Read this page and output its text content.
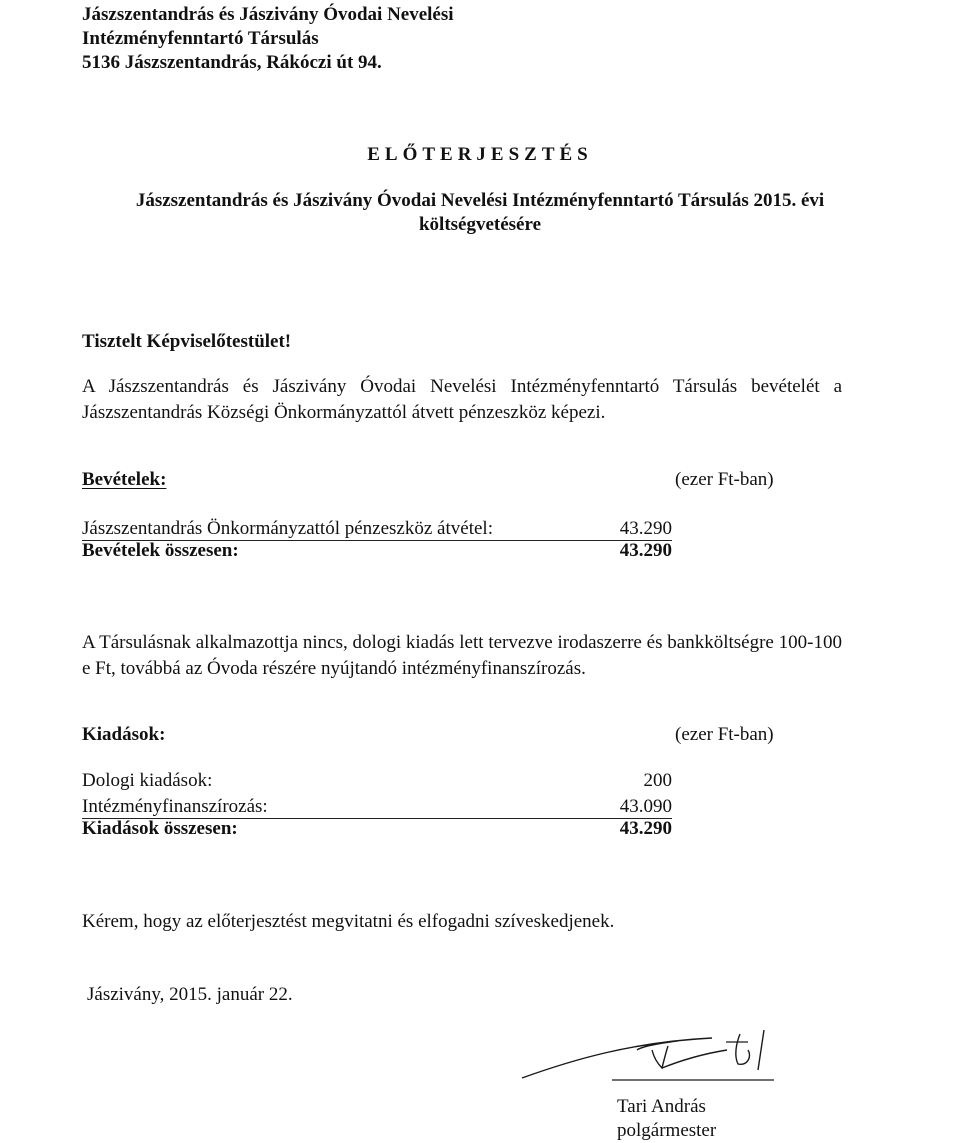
Jászszentandrás és Jászivány Óvodai Nevelési
Intézményfenntartó Társulás
5136 Jászszentandrás, Rákóczi út 94.
ELŐTERJESZTÉS
Jászszentandrás és Jászivány Óvodai Nevelési Intézményfenntartó Társulás 2015. évi
költségvetésére
Tisztelt Képviselőtestület!
A Jászszentandrás és Jászivány Óvodai Nevelési Intézményfenntartó Társulás bevételét a Jászszentandrás Községi Önkormányzattól átvett pénzeszköz képezi.
Bevételek:	(ezer Ft-ban)
Jászszentandrás Önkormányzattól pénzeszköz átvétel:	43.290
Bevételek összesen:	43.290
A Társulásnak alkalmazottja nincs, dologi kiadás lett tervezve irodaszerre és bankköltségre 100-100 e Ft, továbbá az Óvoda részére nyújtandó intézményfinanszírozás.
Kiadások:	(ezer Ft-ban)
Dologi kiadások:	200
Intézményfinanszírozás:	43.090
Kiadások összesen:	43.290
Kérem, hogy az előterjesztést megvitatni és elfogadni szíveskedjenek.
Jászivány, 2015. január 22.
Tari András
polgármester
